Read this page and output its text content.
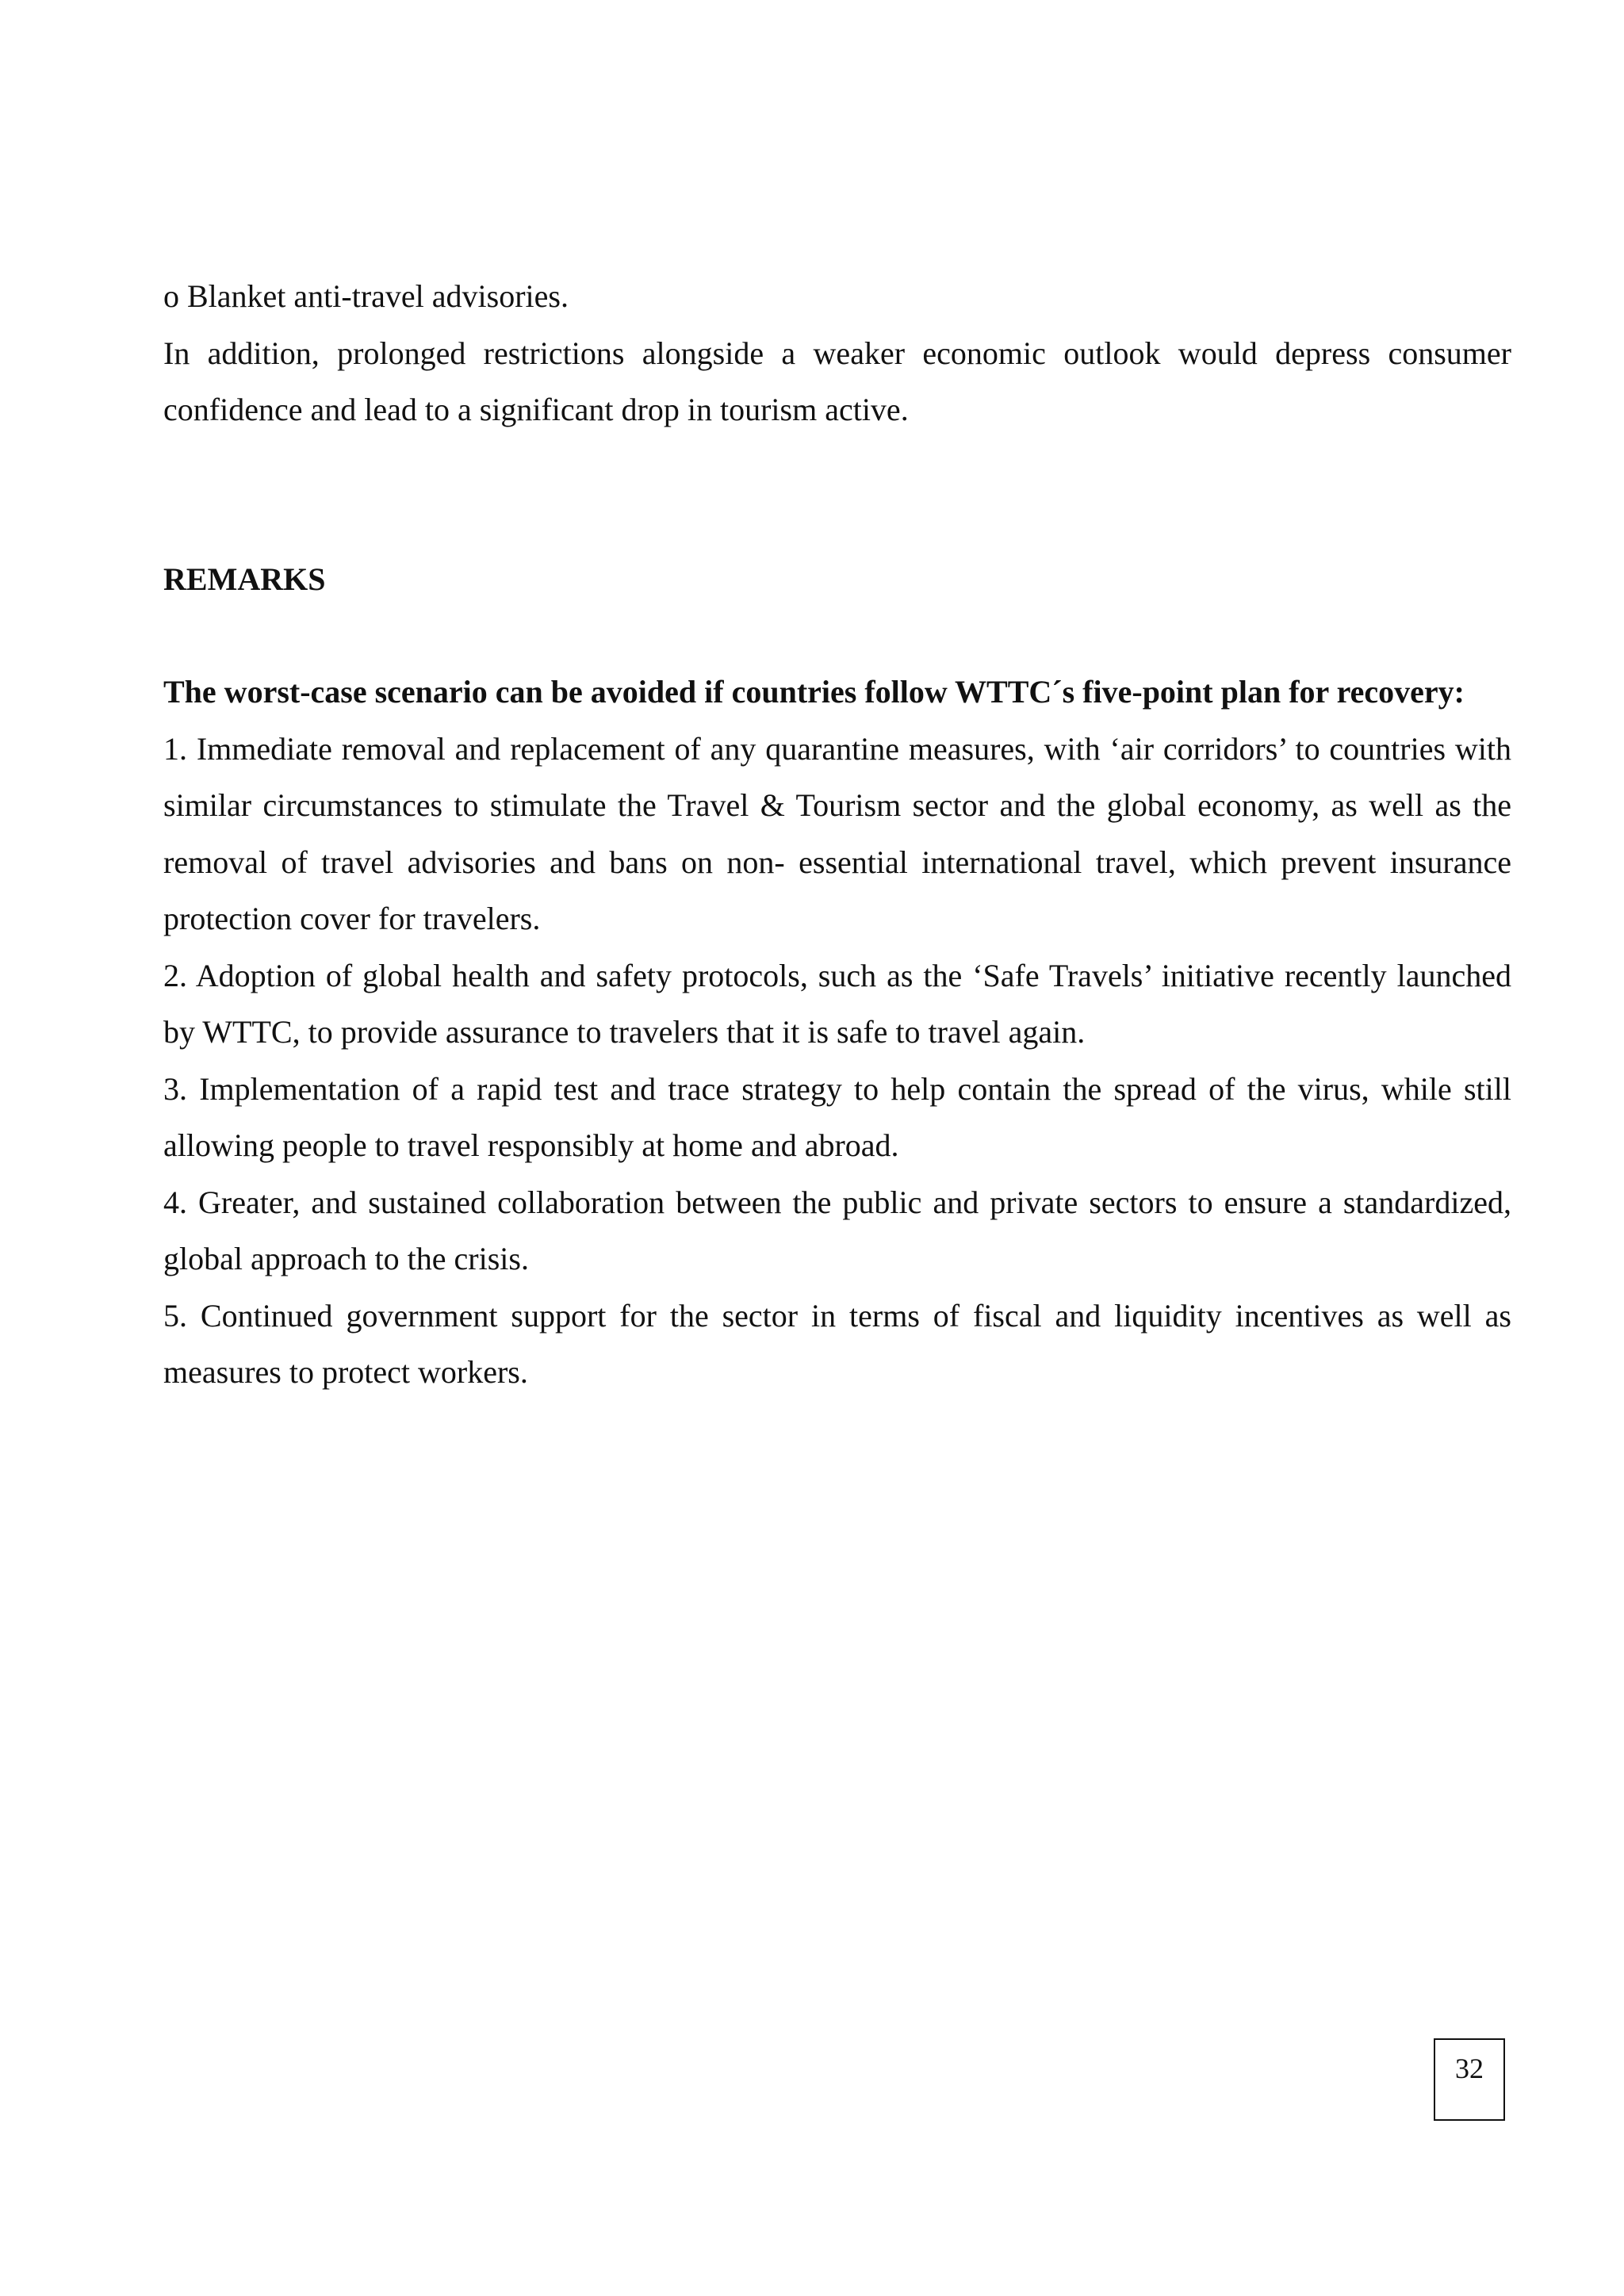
o Blanket anti-travel advisories.

In addition, prolonged restrictions alongside a weaker economic outlook would depress consumer confidence and lead to a significant drop in tourism active.

REMARKS

The worst-case scenario can be avoided if countries follow WTTC´s five-point plan for recovery:

1. Immediate removal and replacement of any quarantine measures, with ‘air corridors’ to countries with similar circumstances to stimulate the Travel & Tourism sector and the global economy, as well as the removal of travel advisories and bans on non- essential international travel, which prevent insurance protection cover for travelers.

2. Adoption of global health and safety protocols, such as the ‘Safe Travels’ initiative recently launched by WTTC, to provide assurance to travelers that it is safe to travel again.

3. Implementation of a rapid test and trace strategy to help contain the spread of the virus, while still allowing people to travel responsibly at home and abroad.

4. Greater, and sustained collaboration between the public and private sectors to ensure a standardized, global approach to the crisis.

5. Continued government support for the sector in terms of fiscal and liquidity incentives as well as measures to protect workers.

32
